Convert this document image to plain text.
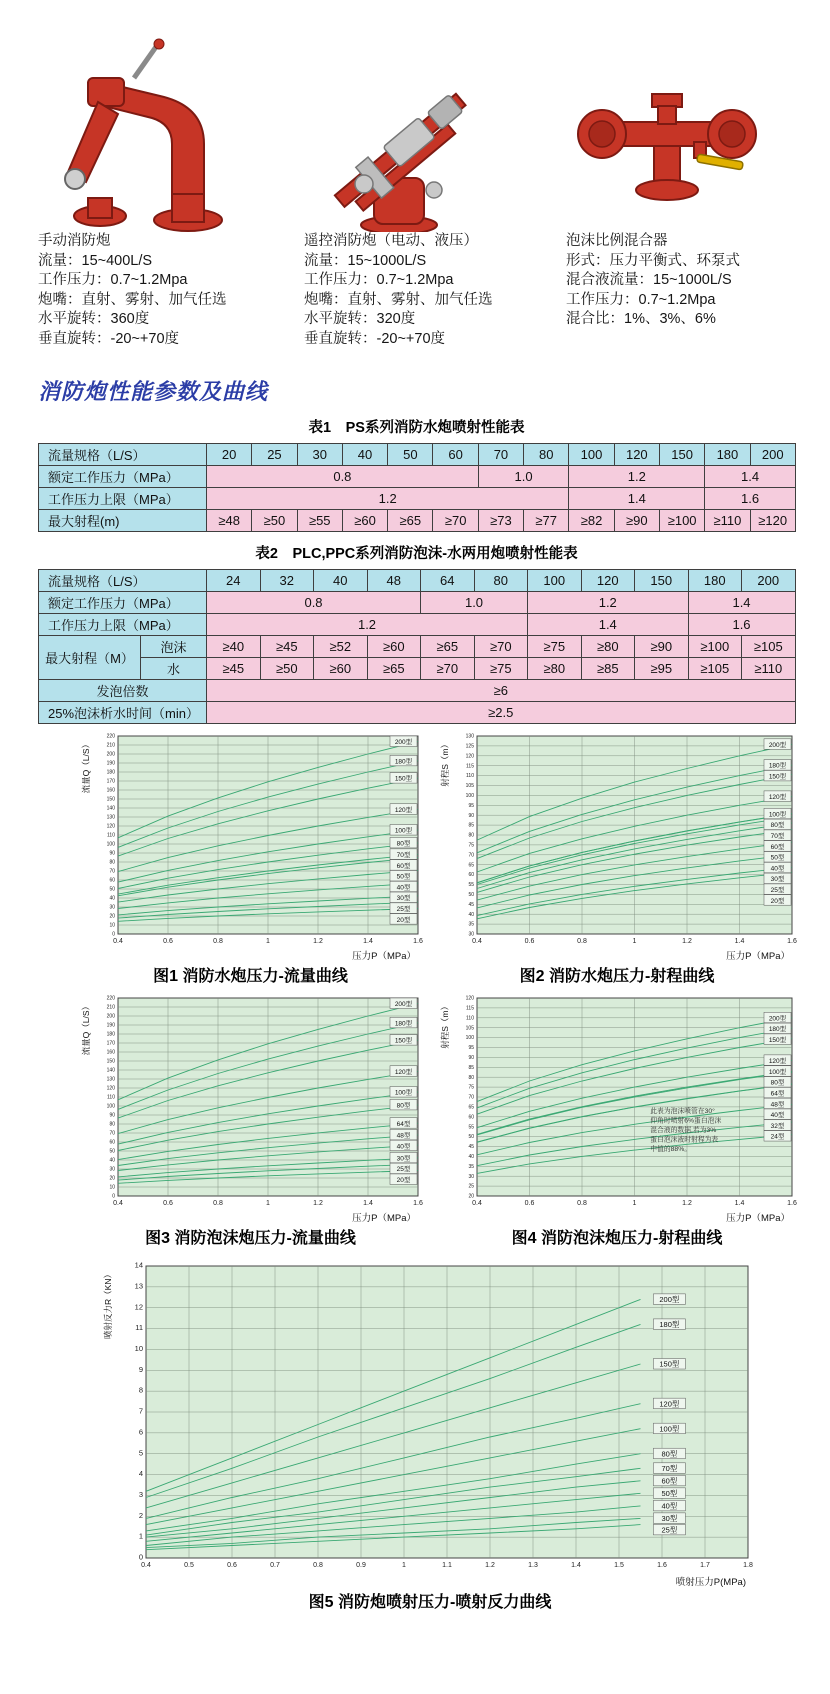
手动消防炮
流量：15~400L/S
工作压力：0.7~1.2Mpa
炮嘴：直射、雾射、加气任选
水平旋转：360度
垂直旋转：-20~+70度
遥控消防炮（电动、液压）
流量：15~1000L/S
工作压力：0.7~1.2Mpa
炮嘴：直射、雾射、加气任选
水平旋转：320度
垂直旋转：-20~+70度
泡沫比例混合器
形式：压力平衡式、环泵式
混合液流量：15~1000L/S
工作压力：0.7~1.2Mpa
混合比：1%、3%、6%
消防炮性能参数及曲线
表1　PS系列消防水炮喷射性能表
流量规格（L/S）	20	25	30	40	50	60	70	80	100	120	150	180	200
额定工作压力（MPa）	0.8						1.0		1.2			1.4	
工作压力上限（MPa）	1.2								1.4			1.6	
最大射程(m)	≥48	≥50	≥55	≥60	≥65	≥70	≥73	≥77	≥82	≥90	≥100	≥110	≥120
表2　PLC,PPC系列消防泡沫-水两用炮喷射性能表
流量规格（L/S）		24	32	40	48	64	80	100	120	150	180	200
额定工作压力（MPa）		0.8				1.0		1.2			1.4	
工作压力上限（MPa）		1.2						1.4			1.6	
最大射程（M）	泡沫	≥40	≥45	≥52	≥60	≥65	≥70	≥75	≥80	≥90	≥100	≥105
	水	≥45	≥50	≥60	≥65	≥70	≥75	≥80	≥85	≥95	≥105	≥110
发泡倍数		≥6										
25%泡沫析水时间（min）		≥2.5										
0
10
20
30
40
50
60
70
80
90
100
110
120
130
140
150
160
170
180
190
200
210
220
0.4	0.6	0.8	1	1.2	1.4	1.6
200型
180型
150型
120型
100型
80型
70型
60型
50型
40型
30型
25型
20型
流量Q（L/S）
压力P（MPa）
图1 消防水炮压力-流量曲线
30
35
40
45
50
55
60
65
70
75
80
85
90
95
100
105
110
115
120
125
130
0.4	0.6	0.8	1	1.2	1.4	1.6
200型
180型
150型
120型
100型
80型
70型
60型
50型
40型
30型
25型
20型
射程S（m）
压力P（MPa）
图2 消防水炮压力-射程曲线
0
10
20
30
40
50
60
70
80
90
100
110
120
130
140
150
160
170
180
190
200
210
220
0.4	0.6	0.8	1	1.2	1.4	1.6
200型
180型
150型
120型
100型
80型
64型
48型
40型
30型
25型
20型
流量Q（L/S）
压力P（MPa）
图3 消防泡沫炮压力-流量曲线
20
25
30
35
40
45
50
55
60
65
70
75
80
85
90
95
100
105
110
115
120
0.4	0.6	0.8	1	1.2	1.4	1.6
200型
180型
150型
120型
100型
80型
64型
48型
40型
32型
24型
此表为泡沫喷管在30°
仰角时喷射6%蛋白泡沫
混合液的数据,若为3%
蛋白泡沫液时射程为表
中值的88%。
射程S（m）
压力P（MPa）
图4 消防泡沫炮压力-射程曲线
0
1
2
3
4
5
6
7
8
9
10
11
12
13
14
0.4	0.5	0.6	0.7	0.8	0.9	1	1.1	1.2	1.3	1.4	1.5	1.6	1.7	1.8
200型
180型
150型
120型
100型
80型
70型
60型
50型
40型
30型
25型
喷射反力R（KN）
喷射压力P(MPa)
图5 消防炮喷射压力-喷射反力曲线
